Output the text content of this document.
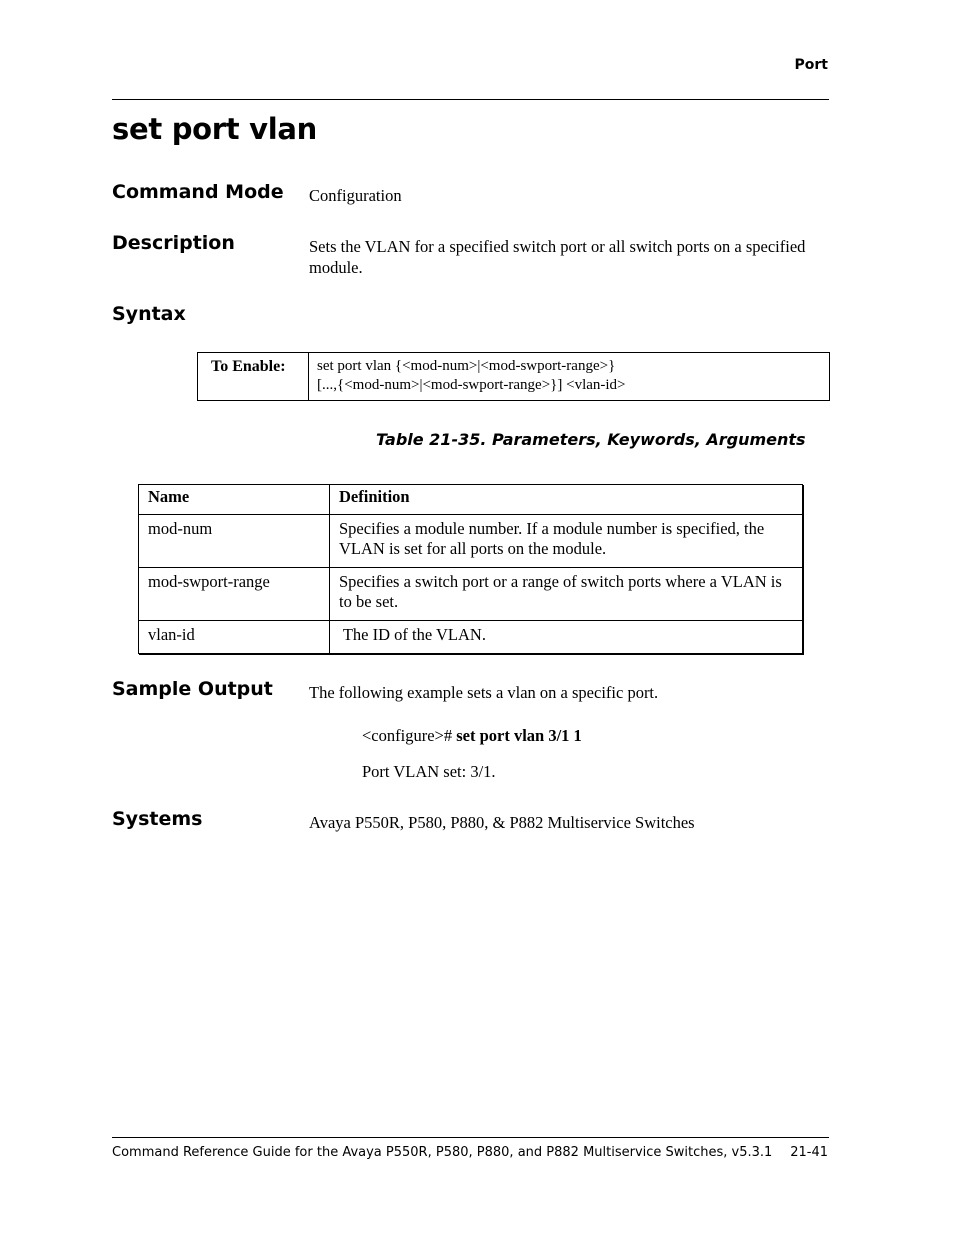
Port
set port vlan
Command Mode Configuration

Description	Sets the VLAN for a specified switch port or all switch ports on a specified module.

Syntax
To Enable:	set port vlan {<mod-num>|<mod-swport-range>}
[...,{<mod-num>|<mod-swport-range>}] <vlan-id>
Table 21-35. Parameters, Keywords, Arguments
Name	Definition
mod-num	Specifies a module number. If a module number is specified, the VLAN is set for all ports on the module.
mod-swport-range	Specifies a switch port or a range of switch ports where a VLAN is to be set.
vlan-id	The ID of the VLAN.
Sample Output The following example sets a vlan on a specific port.

<configure># set port vlan 3/1 1
Port VLAN set: 3/1.
Systems	Avaya P550R, P580, P880, & P882 Multiservice Switches

Command Reference Guide for the Avaya P550R, P580, P880, and P882 Multiservice Switches, v5.3.1 21-41
